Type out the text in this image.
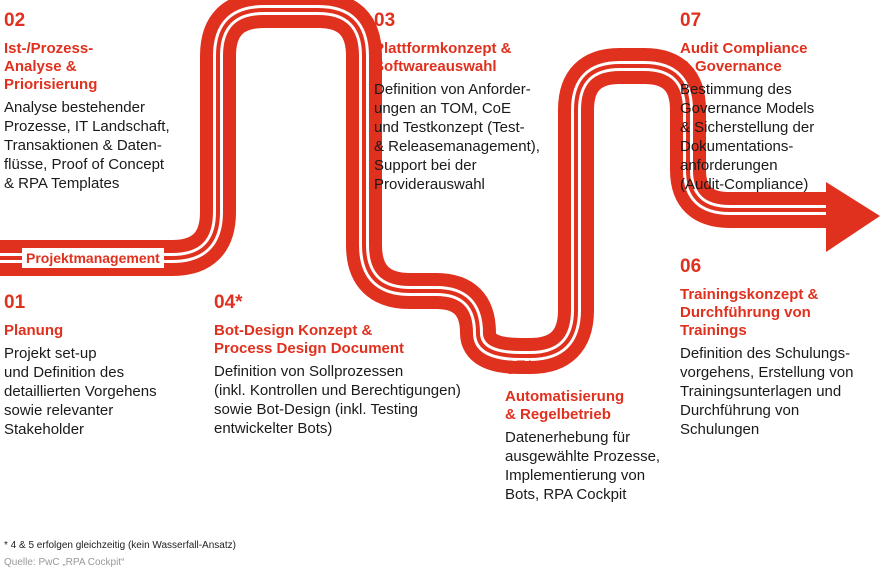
Projektmanagement
02
Ist-/Prozess-
Analyse &
Priorisierung
Analyse bestehender
Prozesse, IT Landschaft,
Transaktionen & Daten-
flüsse, Proof of Concept
& RPA Templates
03
Plattformkonzept &
Softwareauswahl
Definition von Anforder-
ungen an TOM, CoE
und Testkonzept (Test-
& Releasemanagement),
Support bei der
Providerauswahl
07
Audit Compliance
& Governance
Bestimmung des
Governance Models
& Sicherstellung der
Dokumentations-
anforderungen
(Audit-Compliance)
01
Planung
Projekt set-up
und Definition des
detaillierten Vorgehens
sowie relevanter
Stakeholder
04*
Bot-Design Konzept &
Process Design Document
Definition von Sollprozessen
(inkl. Kontrollen und Berechtigungen)
sowie Bot-Design (inkl. Testing
entwickelter Bots)
05*
Automatisierung
& Regelbetrieb
Datenerhebung für
ausgewählte Prozesse,
Implementierung von
Bots, RPA Cockpit
06
Trainingskonzept &
Durchführung von
Trainings
Definition des Schulungs-
vorgehens, Erstellung von
Trainingsunterlagen und
Durchführung von
Schulungen
* 4 & 5 erfolgen gleichzeitig (kein Wasserfall-Ansatz)
Quelle: PwC „RPA Cockpit“
